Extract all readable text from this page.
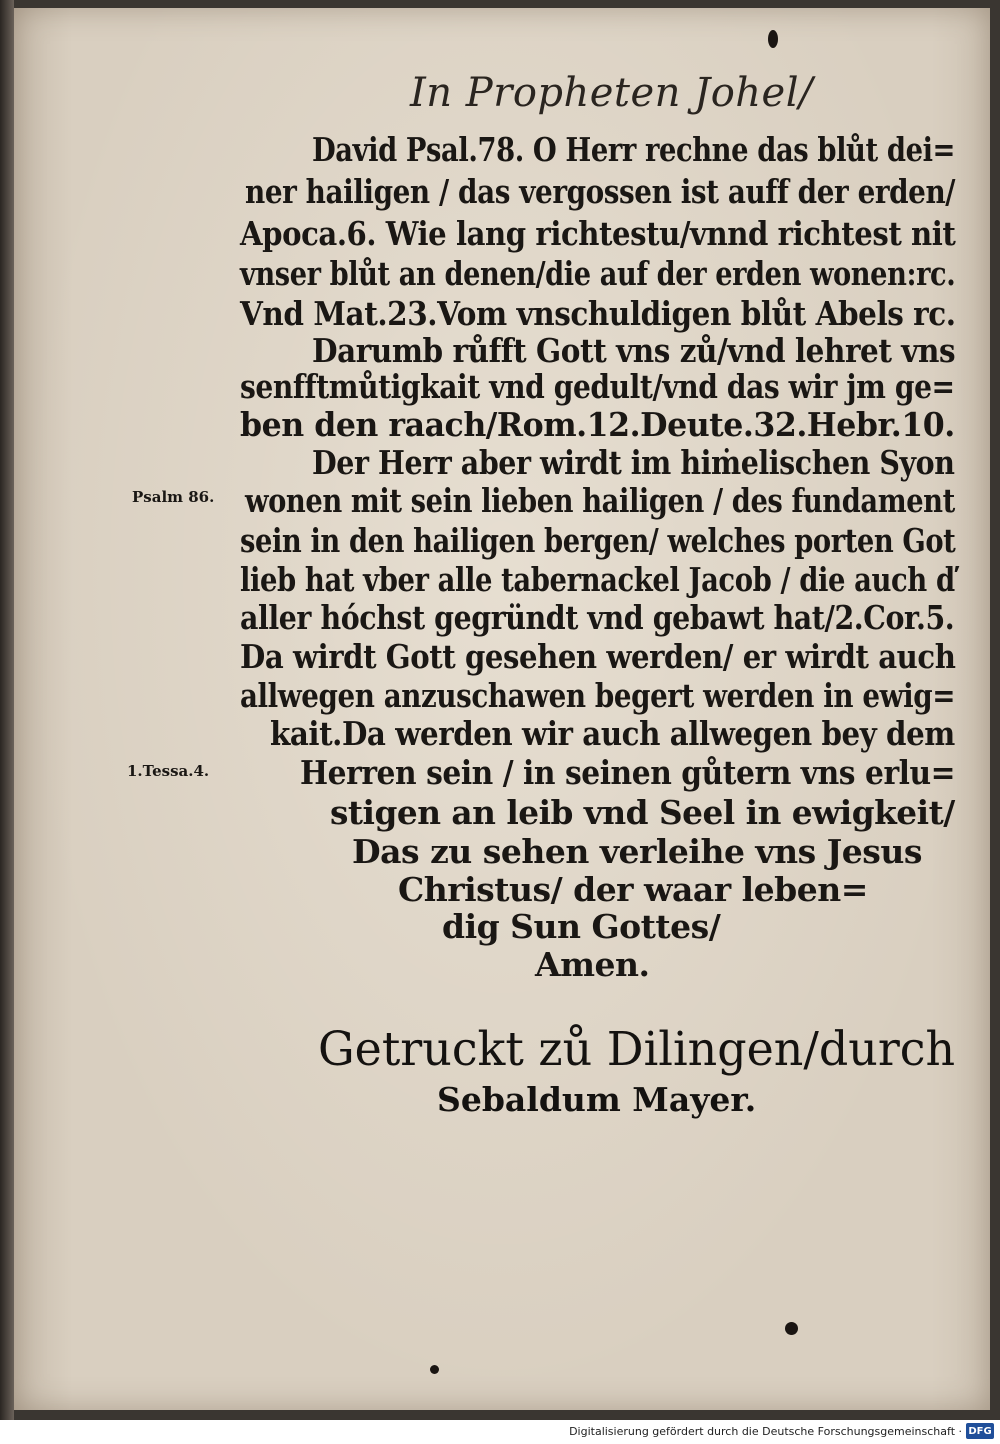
In Propheten Johel/
David Psal.78. O Herr rechne das blůt dei=
ner hailigen / das vergossen ist auff der erden/
Apoca.6. Wie lang richtestu/vnnd richtest nit
vnser blůt an denen/die auf der erden wonen:rc.
Vnd Mat.23.Vom vnschuldigen blůt Abels rc.
Darumb růfft Gott vns zů/vnd lehret vns
senfftmůtigkait vnd gedult/vnd das wir jm ge=
ben den raach/Rom.12.Deute.32.Hebr.10.
Der Herr aber wirdt im hiṁelischen Syon
Psalm 86. wonen mit sein lieben hailigen / des fundament
sein in den hailigen bergen/ welches porten Got
lieb hat vber alle tabernackel Jacob / die auch ď
aller hóchst gegründt vnd gebawt hat/2.Cor.5.
Da wirdt Gott gesehen werden/ er wirdt auch
allwegen anzuschawen begert werden in ewig=
kait.Da werden wir auch allwegen bey dem
1.Tessa.4.	Herren sein / in seinen gůtern vns erlu=
stigen an leib vnd Seel in ewigkeit/
Das zu sehen verleihe vns Jesus
Christus/ der waar leben=
dig Sun Gottes/
Amen.
Getruckt zů Dilingen/durch
Sebaldum Mayer.
Digitalisierung gefördert durch die Deutsche Forschungsgemeinschaft · DFG
